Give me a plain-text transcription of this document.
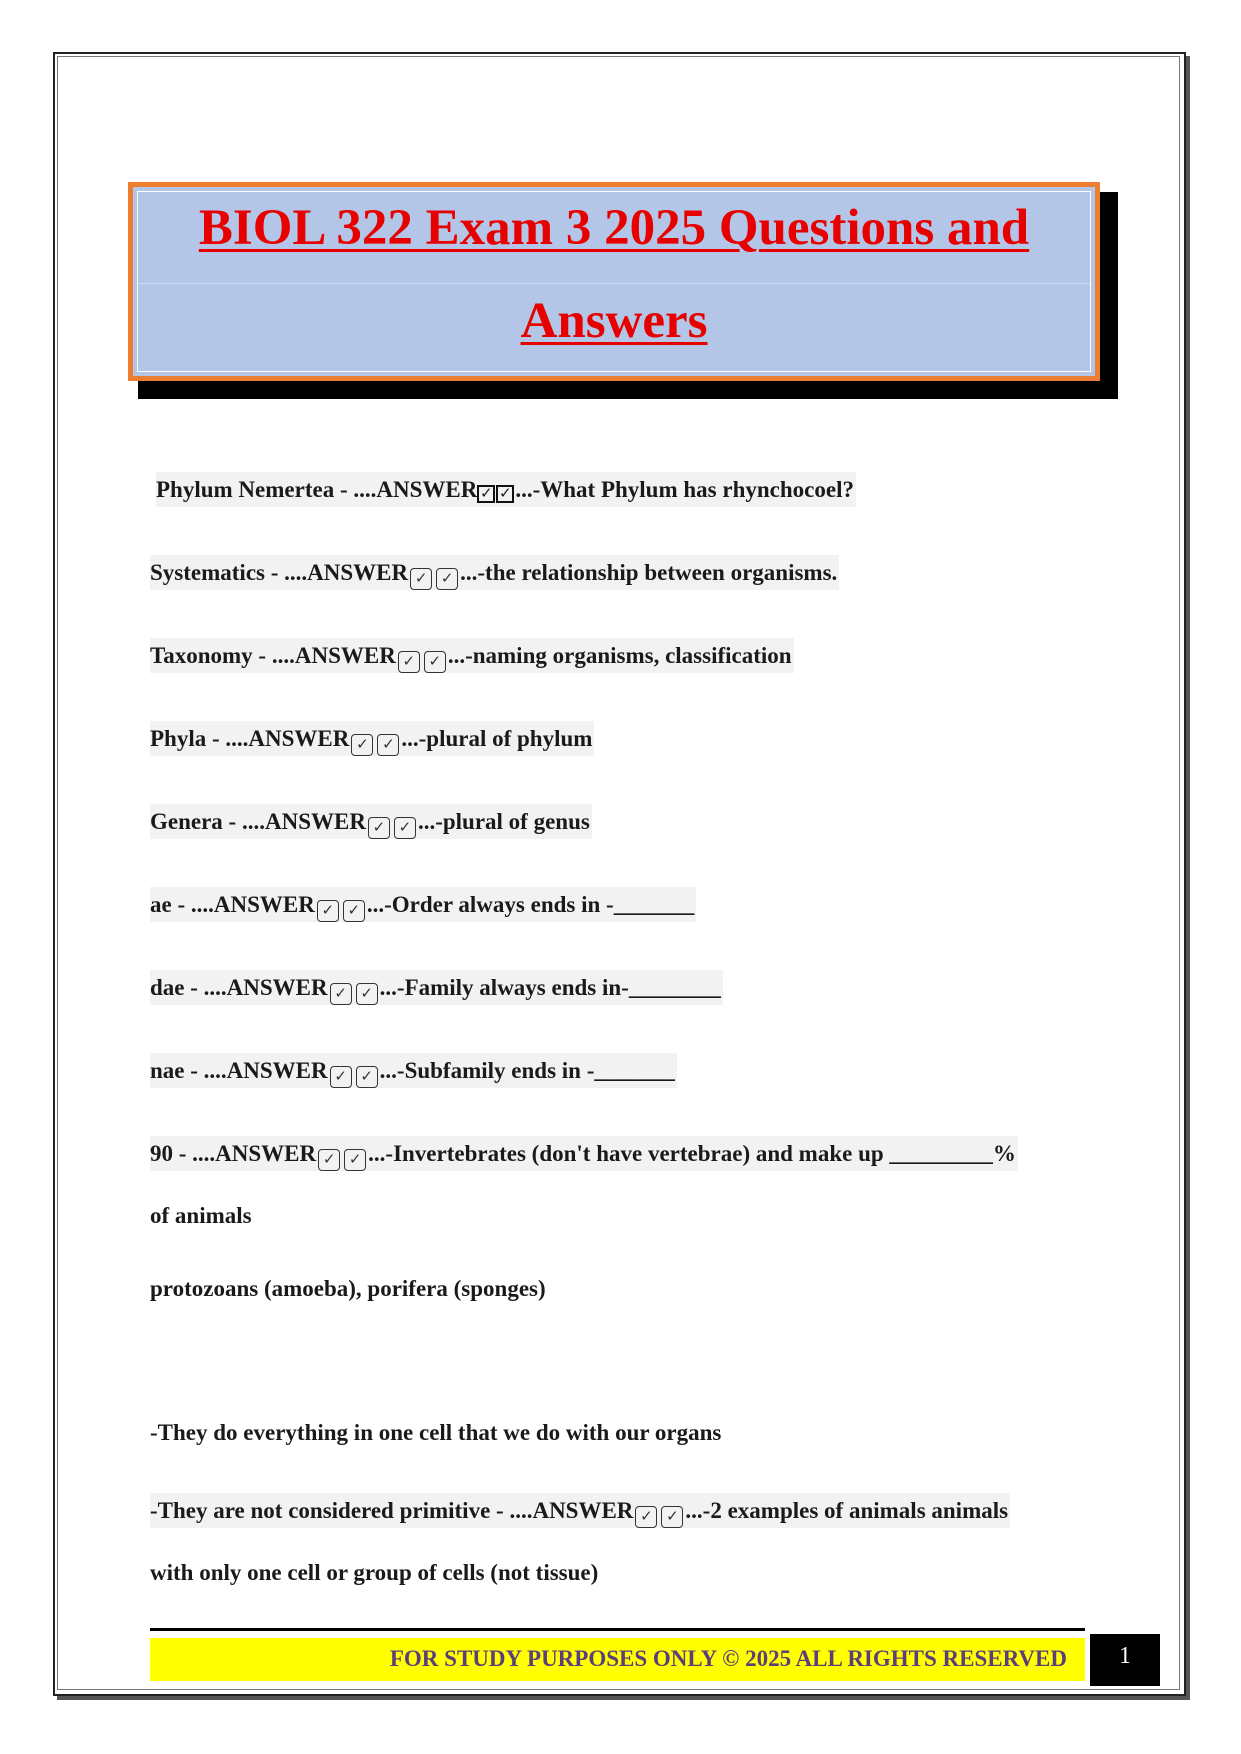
BIOL 322 Exam 3 2025 Questions and
Answers
Phylum Nemertea - ....ANSWER ✓ ✓ ...-What Phylum has rhynchocoel?
Systematics - ....ANSWER ✓ ✓ ...-the relationship between organisms.
Taxonomy - ....ANSWER ✓ ✓ ...-naming organisms, classification
Phyla - ....ANSWER ✓ ✓ ...-plural of phylum
Genera - ....ANSWER ✓ ✓ ...-plural of genus
ae - ....ANSWER ✓ ✓ ...-Order always ends in -_______
dae - ....ANSWER ✓ ✓ ...-Family always ends in-________
nae - ....ANSWER ✓ ✓ ...-Subfamily ends in -_______
90 - ....ANSWER ✓ ✓ ...-Invertebrates (don't have vertebrae) and make up _________%
of animals
protozoans (amoeba), porifera (sponges)
-They do everything in one cell that we do with our organs
-They are not considered primitive - ....ANSWER ✓ ✓ ...-2 examples of animals animals
with only one cell or group of cells (not tissue)
FOR STUDY PURPOSES ONLY © 2025 ALL RIGHTS RESERVED	1
